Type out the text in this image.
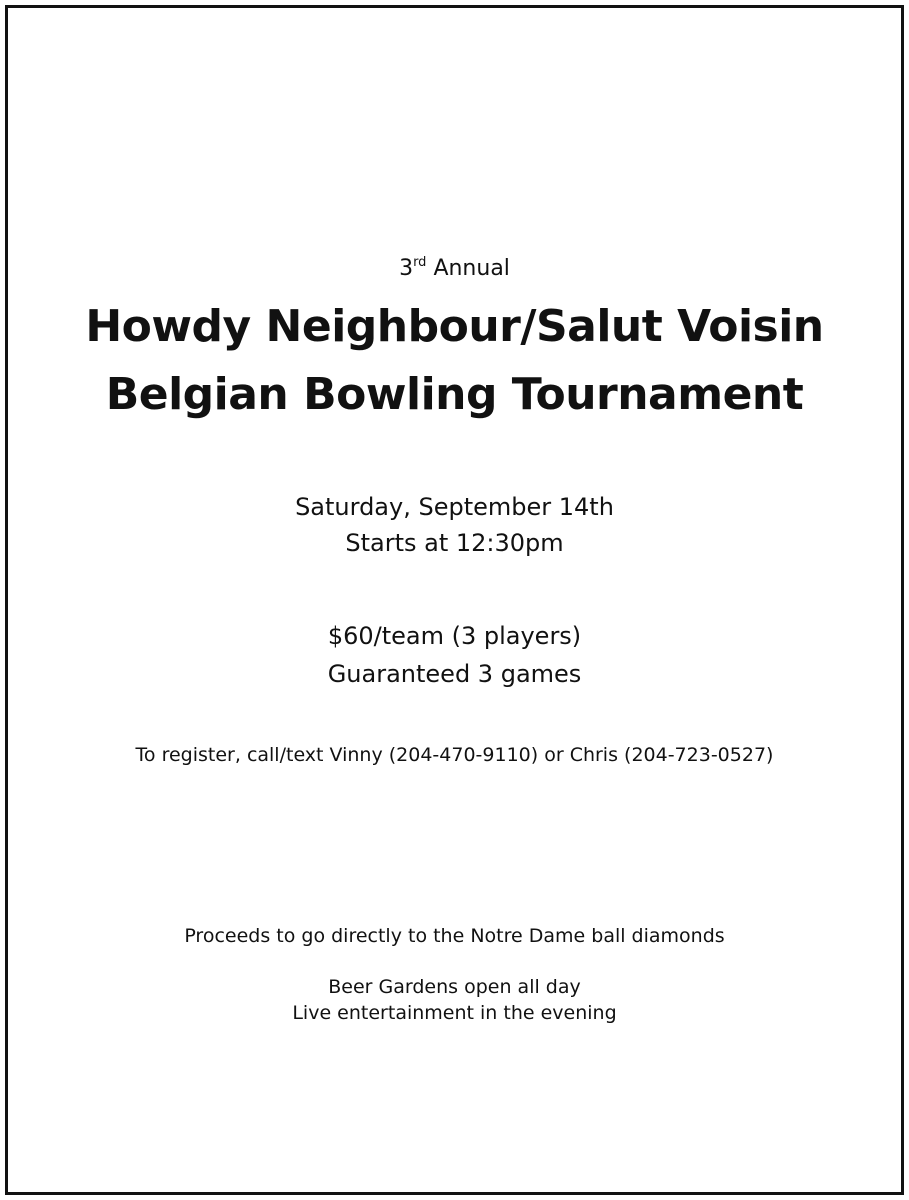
3rd Annual

Howdy Neighbour/Salut Voisin
Belgian Bowling Tournament

Saturday, September 14th

Starts at 12:30pm

$60/team (3 players)

Guaranteed 3 games

To register, call/text Vinny (204-470-9110) or Chris (204-723-0527)

Proceeds to go directly to the Notre Dame ball diamonds

Beer Gardens open all day

Live entertainment in the evening
